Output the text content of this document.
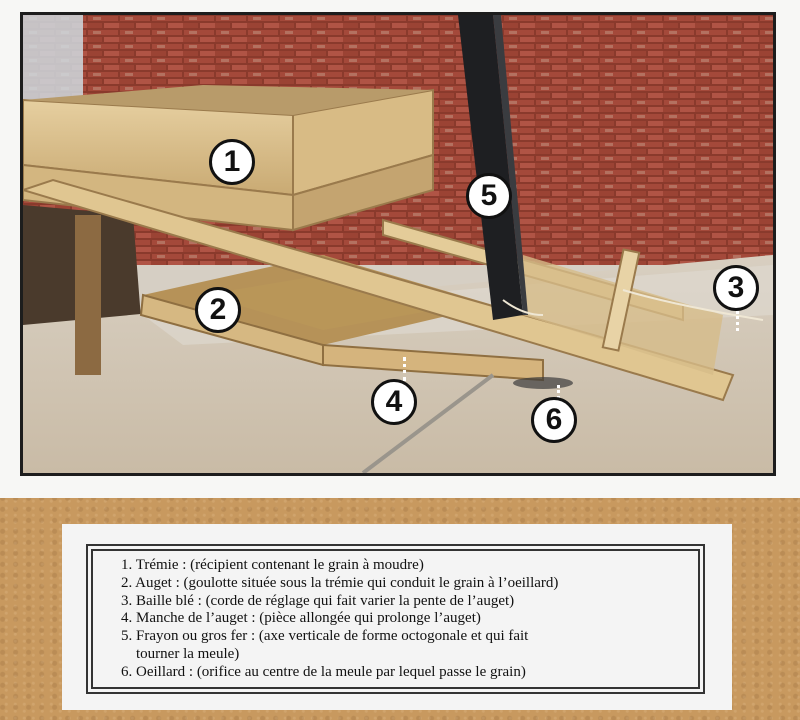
1
2
3
4
5
6
1. Trémie : (récipient contenant le grain à moudre)
2. Auget : (goulotte située sous la trémie qui conduit le grain à l’oeillard)
3. Baille blé : (corde de réglage qui fait varier la pente de l’auget)
4. Manche de l’auget : (pièce allongée qui prolonge l’auget)
5. Frayon ou gros fer : (axe verticale de forme octogonale et qui fait
tourner la meule)
6. Oeillard : (orifice au centre de la meule par lequel passe le grain)
